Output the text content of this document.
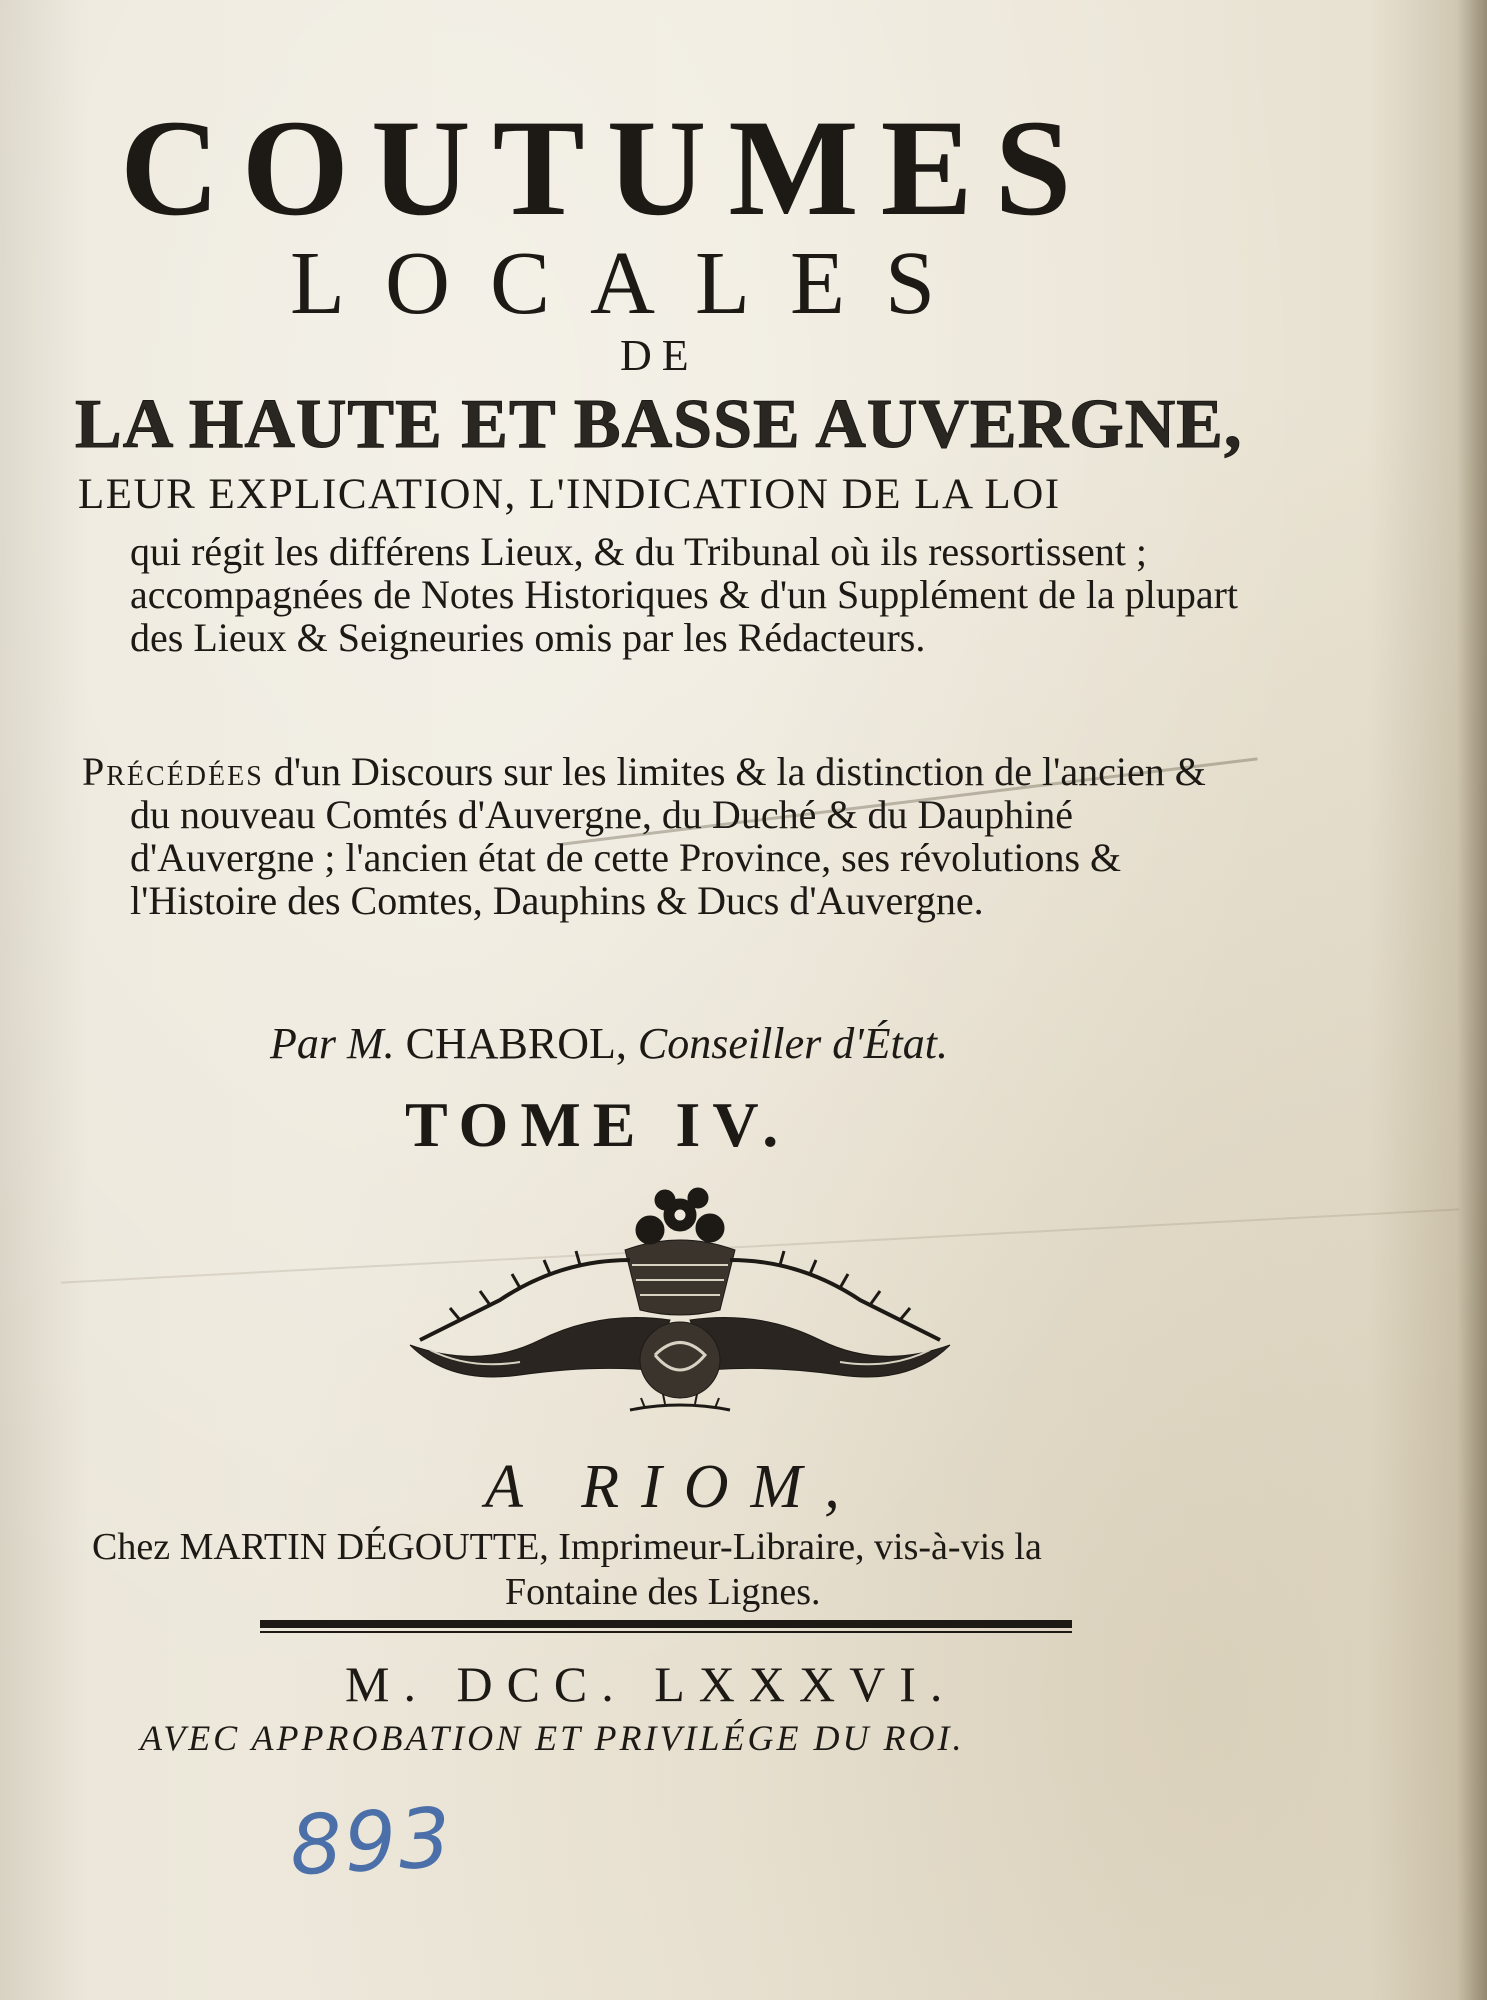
COUTUMES
LOCALES
DE
LA HAUTE ET BASSE AUVERGNE,
LEUR EXPLICATION, L'INDICATION DE LA LOI
qui régit les différens Lieux, & du Tribunal où ils ressortissent ; accompagnées de Notes Historiques & d'un Supplément de la plupart des Lieux & Seigneuries omis par les Rédacteurs.
Précédées d'un Discours sur les limites & la distinction de l'ancien & du nouveau Comtés d'Auvergne, du Duché & du Dauphiné d'Auvergne ; l'ancien état de cette Province, ses révolutions & l'Histoire des Comtes, Dauphins & Ducs d'Auvergne.
Par M. CHABROL, Conseiller d'État.
TOME IV.
A RIOM,
Chez MARTIN DÉGOUTTE, Imprimeur-Libraire, vis-à-vis la
Fontaine des Lignes.
M. DCC. LXXXVI.
AVEC APPROBATION ET PRIVILÉGE DU ROI.
893
